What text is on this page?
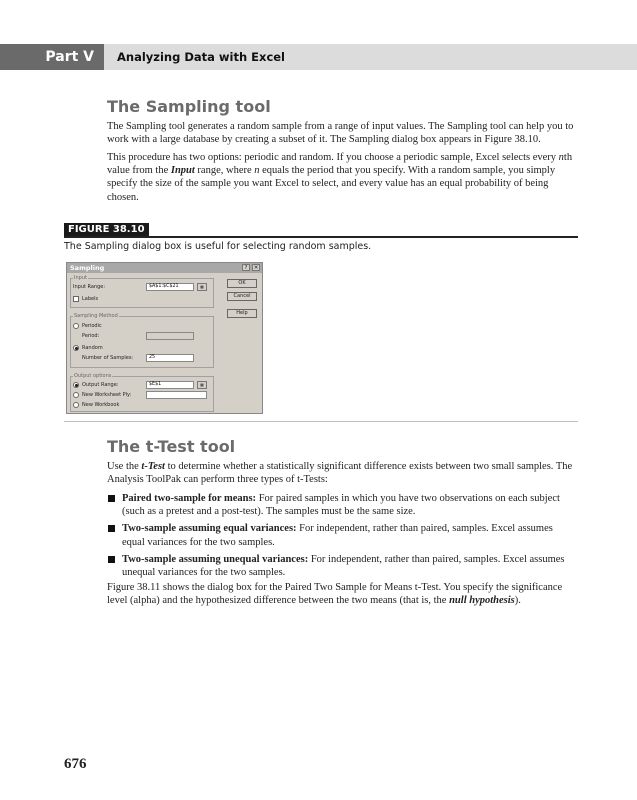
Part V	Analyzing Data with Excel
The Sampling tool

The Sampling tool generates a random sample from a range of input values. The Sampling tool can help you to work with a large database by creating a subset of it. The Sampling dialog box appears in Figure 38.10.

This procedure has two options: periodic and random. If you choose a periodic sample, Excel selects every nth value from the Input range, where n equals the period that you specify. With a random sample, you simply specify the size of the sample you want Excel to select, and every value has an equal probability of being chosen.

FIGURE 38.10

The Sampling dialog box is useful for selecting random samples.

Sampling	?	✕
Input
Input Range:	$A$1:$C$21	▦
Labels
Sampling Method
Periodic
Period:
Random
Number of Samples:	25
Output options
Output Range:	$E$1	▦
New Worksheet Ply:
New Workbook
OK
Cancel
Help
The t-Test tool

Use the t-Test to determine whether a statistically significant difference exists between two small samples. The Analysis ToolPak can perform three types of t-Tests:

Paired two-sample for means: For paired samples in which you have two observations on each subject (such as a pretest and a post-test). The samples must be the same size.
Two-sample assuming equal variances: For independent, rather than paired, samples. Excel assumes equal variances for the two samples.
Two-sample assuming unequal variances: For independent, rather than paired, samples. Excel assumes unequal variances for the two samples.

Figure 38.11 shows the dialog box for the Paired Two Sample for Means t-Test. You specify the significance level (alpha) and the hypothesized difference between the two means (that is, the null hypothesis).

676
